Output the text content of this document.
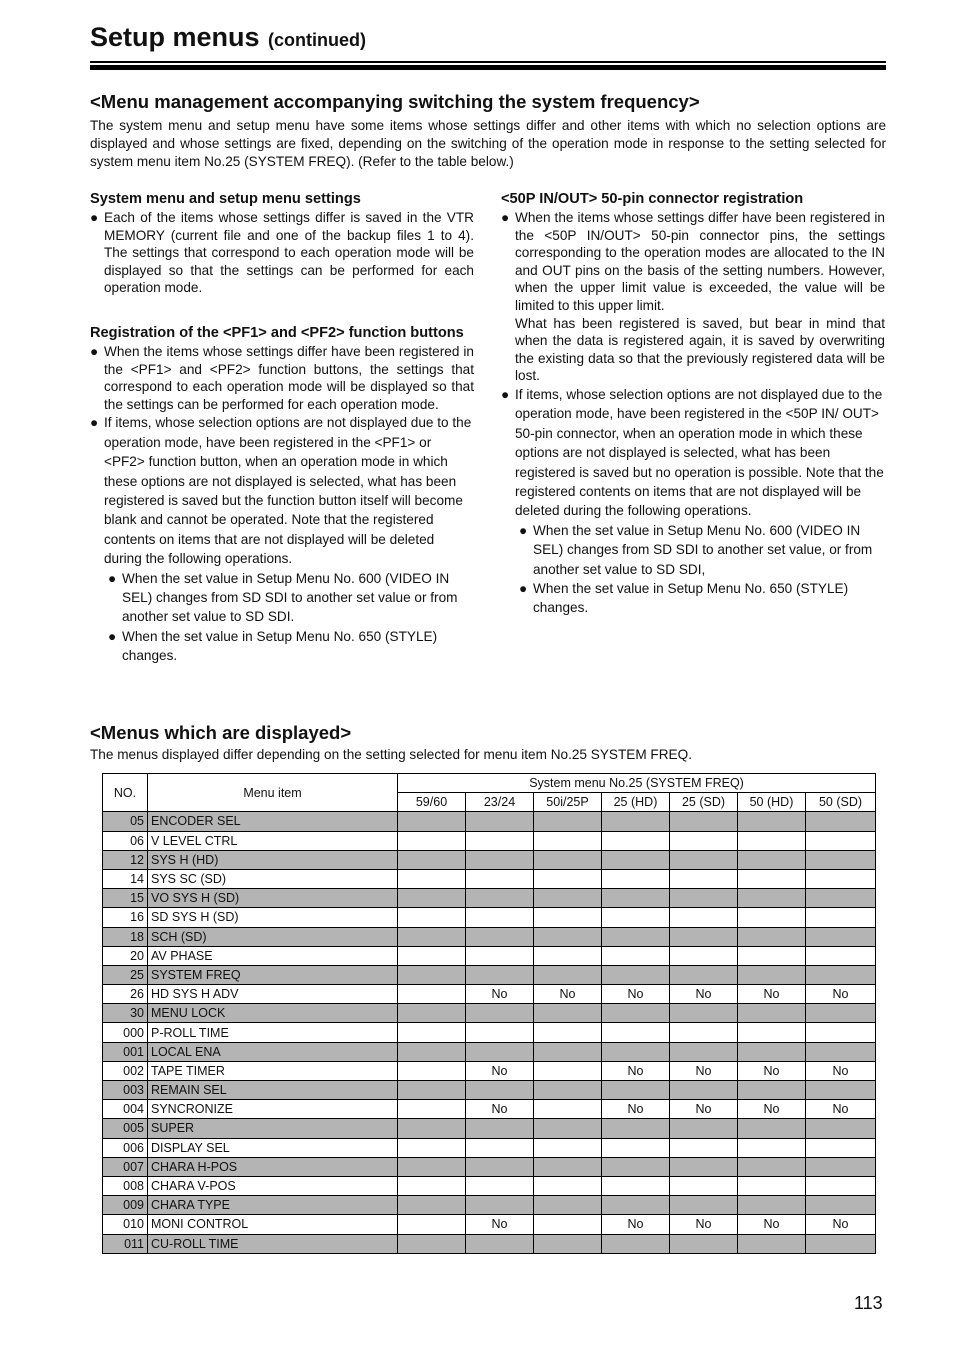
Setup menus (continued)
<Menu management accompanying switching the system frequency>
The system menu and setup menu have some items whose settings differ and other items with which no selection options are displayed and whose settings are fixed, depending on the switching of the operation mode in response to the setting selected for system menu item No.25 (SYSTEM FREQ). (Refer to the table below.)
System menu and setup menu settings
● Each of the items whose settings differ is saved in the VTR MEMORY (current file and one of the backup files 1 to 4). The settings that correspond to each operation mode will be displayed so that the settings can be performed for each operation mode.
Registration of the <PF1> and <PF2> function buttons
● When the items whose settings differ have been registered in the <PF1> and <PF2> function buttons, the settings that correspond to each operation mode will be displayed so that the settings can be performed for each operation mode.
● If items, whose selection options are not displayed due to the operation mode, have been registered in the <PF1> or <PF2> function button, when an operation mode in which these options are not displayed is selected, what has been registered is saved but the function button itself will become blank and cannot be operated. Note that the registered contents on items that are not displayed will be deleted during the following operations.
● When the set value in Setup Menu No. 600 (VIDEO IN SEL) changes from SD SDI to another set value or from another set value to SD SDI.
● When the set value in Setup Menu No. 650 (STYLE) changes.
<50P IN/OUT> 50-pin connector registration
● When the items whose settings differ have been registered in the <50P IN/OUT> 50-pin connector pins, the settings corresponding to the operation modes are allocated to the IN and OUT pins on the basis of the setting numbers. However, when the upper limit value is exceeded, the value will be limited to this upper limit.
What has been registered is saved, but bear in mind that when the data is registered again, it is saved by overwriting the existing data so that the previously registered data will be lost.
● If items, whose selection options are not displayed due to the operation mode, have been registered in the <50P IN/ OUT> 50-pin connector, when an operation mode in which these options are not displayed is selected, what has been registered is saved but no operation is possible. Note that the registered contents on items that are not displayed will be deleted during the following operations.
● When the set value in Setup Menu No. 600 (VIDEO IN SEL) changes from SD SDI to another set value, or from another set value to SD SDI,
● When the set value in Setup Menu No. 650 (STYLE) changes.
<Menus which are displayed>
The menus displayed differ depending on the setting selected for menu item No.25 SYSTEM FREQ.
NO.	Menu item	System menu No.25 (SYSTEM FREQ)						
		59/60	23/24	50i/25P	25 (HD)	25 (SD)	50 (HD)	50 (SD)
05	ENCODER SEL							
06	V LEVEL CTRL							
12	SYS H (HD)							
14	SYS SC (SD)							
15	VO SYS H (SD)							
16	SD SYS H (SD)							
18	SCH (SD)							
20	AV PHASE							
25	SYSTEM FREQ							
26	HD SYS H ADV		No	No	No	No	No	No
30	MENU LOCK							
000	P-ROLL TIME							
001	LOCAL ENA							
002	TAPE TIMER		No		No	No	No	No
003	REMAIN SEL							
004	SYNCRONIZE		No		No	No	No	No
005	SUPER							
006	DISPLAY SEL							
007	CHARA H-POS							
008	CHARA V-POS							
009	CHARA TYPE							
010	MONI CONTROL		No		No	No	No	No
011	CU-ROLL TIME							
113
